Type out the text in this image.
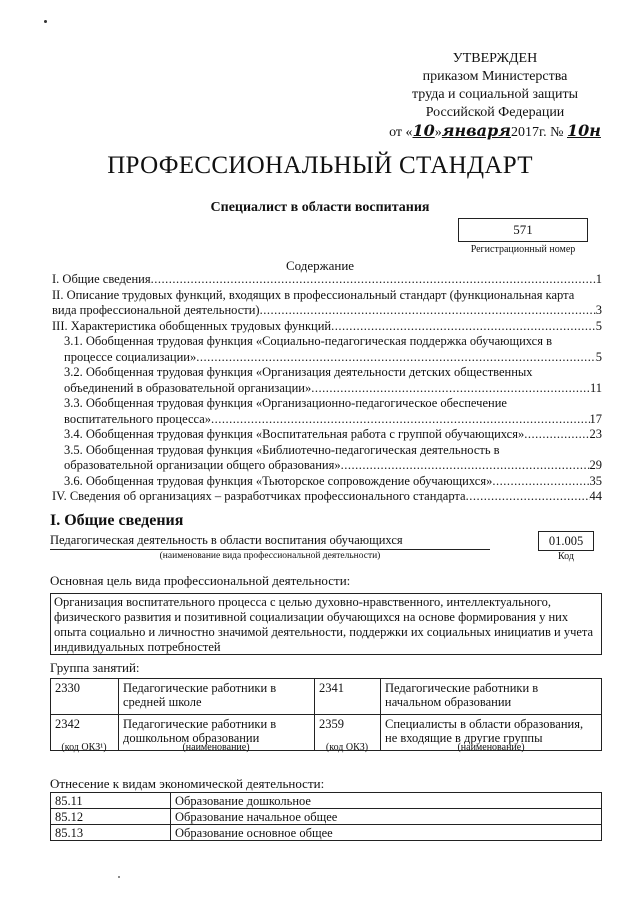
УТВЕРЖДЕН
приказом Министерства
труда и социальной защиты
Российской Федерации
от «10»января2017г. № 10н
ПРОФЕССИОНАЛЬНЫЙ СТАНДАРТ
Специалист в области воспитания
571
Регистрационный номер
Содержание
I. Общие сведения .....	1
II. Описание трудовых функций, входящих в профессиональный стандарт (функциональная карта
вида профессиональной деятельности) .....	3
III. Характеристика обобщенных трудовых функций .....	5
3.1. Обобщенная трудовая функция «Социально-педагогическая поддержка обучающихся в
процессе социализации» .....	5
3.2. Обобщенная трудовая функция «Организация деятельности детских общественных
объединений в образовательной организации» .....	11
3.3. Обобщенная трудовая функция «Организационно-педагогическое обеспечение
воспитательного процесса» .....	17
3.4. Обобщенная трудовая функция «Воспитательная работа с группой обучающихся» .....	23
3.5. Обобщенная трудовая функция «Библиотечно-педагогическая деятельность в
образовательной организации общего образования» .....	29
3.6. Обобщенная трудовая функция «Тьюторское сопровождение обучающихся» .....	35
IV. Сведения об организациях – разработчиках профессионального стандарта .....	44
I. Общие сведения
Педагогическая деятельность в области воспитания обучающихся	01.005
(наименование вида профессиональной деятельности)	Код
Основная цель вида профессиональной деятельности:
Организация воспитательного процесса с целью духовно-нравственного, интеллектуального, физического развития и позитивной социализации обучающихся на основе формирования у них опыта социально и личностно значимой деятельности, поддержки их социальных инициатив и учета индивидуальных потребностей
Группа занятий:
2330	Педагогические работники в средней школе	2341	Педагогические работники в начальном образовании
2342	Педагогические работники в дошкольном образовании	2359	Специалисты в области образования, не входящие в другие группы
(код ОКЗ¹)	(наименование)	(код ОКЗ)	(наименование)
Отнесение к видам экономической деятельности:
85.11	Образование дошкольное
85.12	Образование начальное общее
85.13	Образование основное общее
